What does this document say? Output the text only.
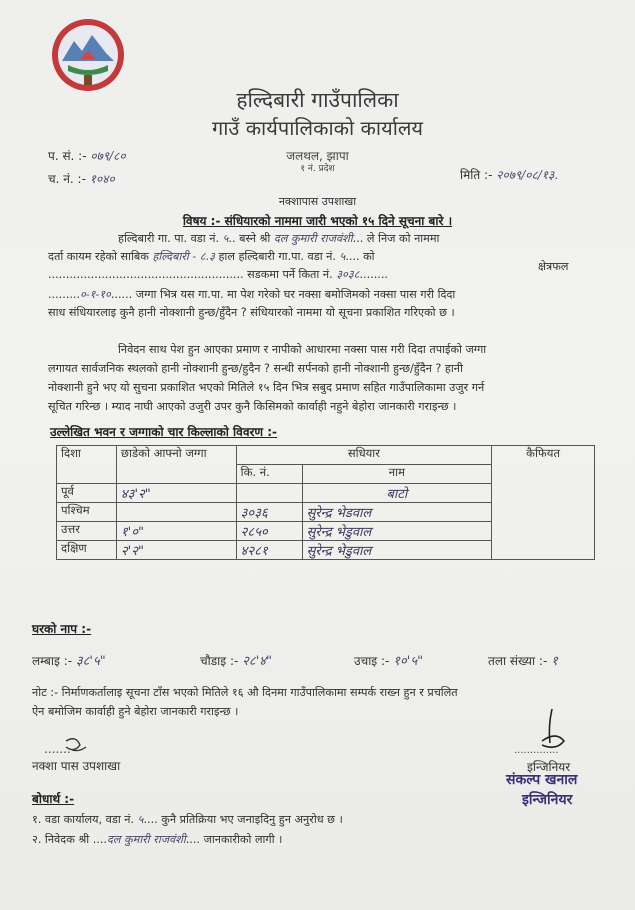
हल्दिबारी गाउँपालिका
गाउँ कार्यपालिकाको कार्यालय
जलथल, झापा
१ नं. प्रदेश
प. सं. :- ०७९/८०
च. नं. :- १०४०	मिति :- २०७९/०८/१३.
नक्शापास उपशाखा
विषय :- संधियारको नाममा जारी भएको १५ दिने सूचना बारे ।
हल्दिबारी गा. पा. वडा नं. ५.. बस्ने श्री दल कुमारी राजवंशी... ले निज को नाममा
दर्ता कायम रहेको साबिक हल्दिबारी - ८.३ हाल हल्दिबारी गा.पा. वडा नं. ५.... को
....................................................... सडकमा पर्ने किता नं. ३०३८........
क्षेत्रफल
.........०-१-१०...... जग्गा भित्र यस गा.पा. मा पेश गरेको घर नक्सा बमोजिमको नक्सा पास गरी दिदा
साध संधियारलाइ कुनै हानी नोक्शानी हुन्छ/हुँदैन ? संधियारको नाममा यो सूचना प्रकाशित गरिएको छ ।
निवेदन साथ पेश हुन आएका प्रमाण र नापीको आधारमा नक्सा पास गरी दिदा तपाईको जग्गा
लगायत सार्वजनिक स्थलको हानी नोक्शानी हुन्छ/हुदैन ? सन्धी सर्पनको हानी नोक्शानी हुन्छ/हुँदैन ? हानी
नोक्शानी हुने भए यो सुचना प्रकाशित भएको मितिले १५ दिन भित्र सबुद प्रमाण सहित गाउँपालिकामा उजुर गर्न
सूचित गरिन्छ । म्याद नाघी आएको उजुरी उपर कुनै किसिमको कार्वाही नहुने बेहोरा जानकारी गराइन्छ ।
उल्लेखित भवन र जग्गाको चार किल्लाको विवरण :-
दिशा	छाडेको आफ्नो जग्गा	सधियार		कैफियत
		कि. नं.	नाम	
पूर्व	४३'२"		बाटो	
पश्चिम		३०३६	सुरेन्द्र भेडवाल	
उत्तर	१'०"	२८५०	सुरेन्द्र भेडुवाल	
दक्षिण	२'२"	४२८१	सुरेन्द्र भेडुवाल	
घरको नाप :-
लम्बाइ :- ३८'५"	चौडाइ :- २८'४"	उचाइ :- १०'५"	तला संख्या :- १
नोट :- निर्माणकर्तालाइ सूचना टाँस भएको मितिले १६ औ दिनमा गाउँपालिकामा सम्पर्क राख्न हुन र प्रचलित
ऐन बमोजिम कार्वाही हुने बेहोरा जानकारी गराइन्छ ।
.......
नक्शा पास उपशाखा
..............
इन्जिनियर
संकल्प खनाल
इन्जिनियर
बोधार्थ :-
१. वडा कार्यालय, वडा नं. ५.... कुनै प्रतिक्रिया भए जनाइदिनु हुन अनुरोध छ ।
२. निवेदक श्री ....दल कुमारी राजवंशी.... जानकारीको लागी ।
